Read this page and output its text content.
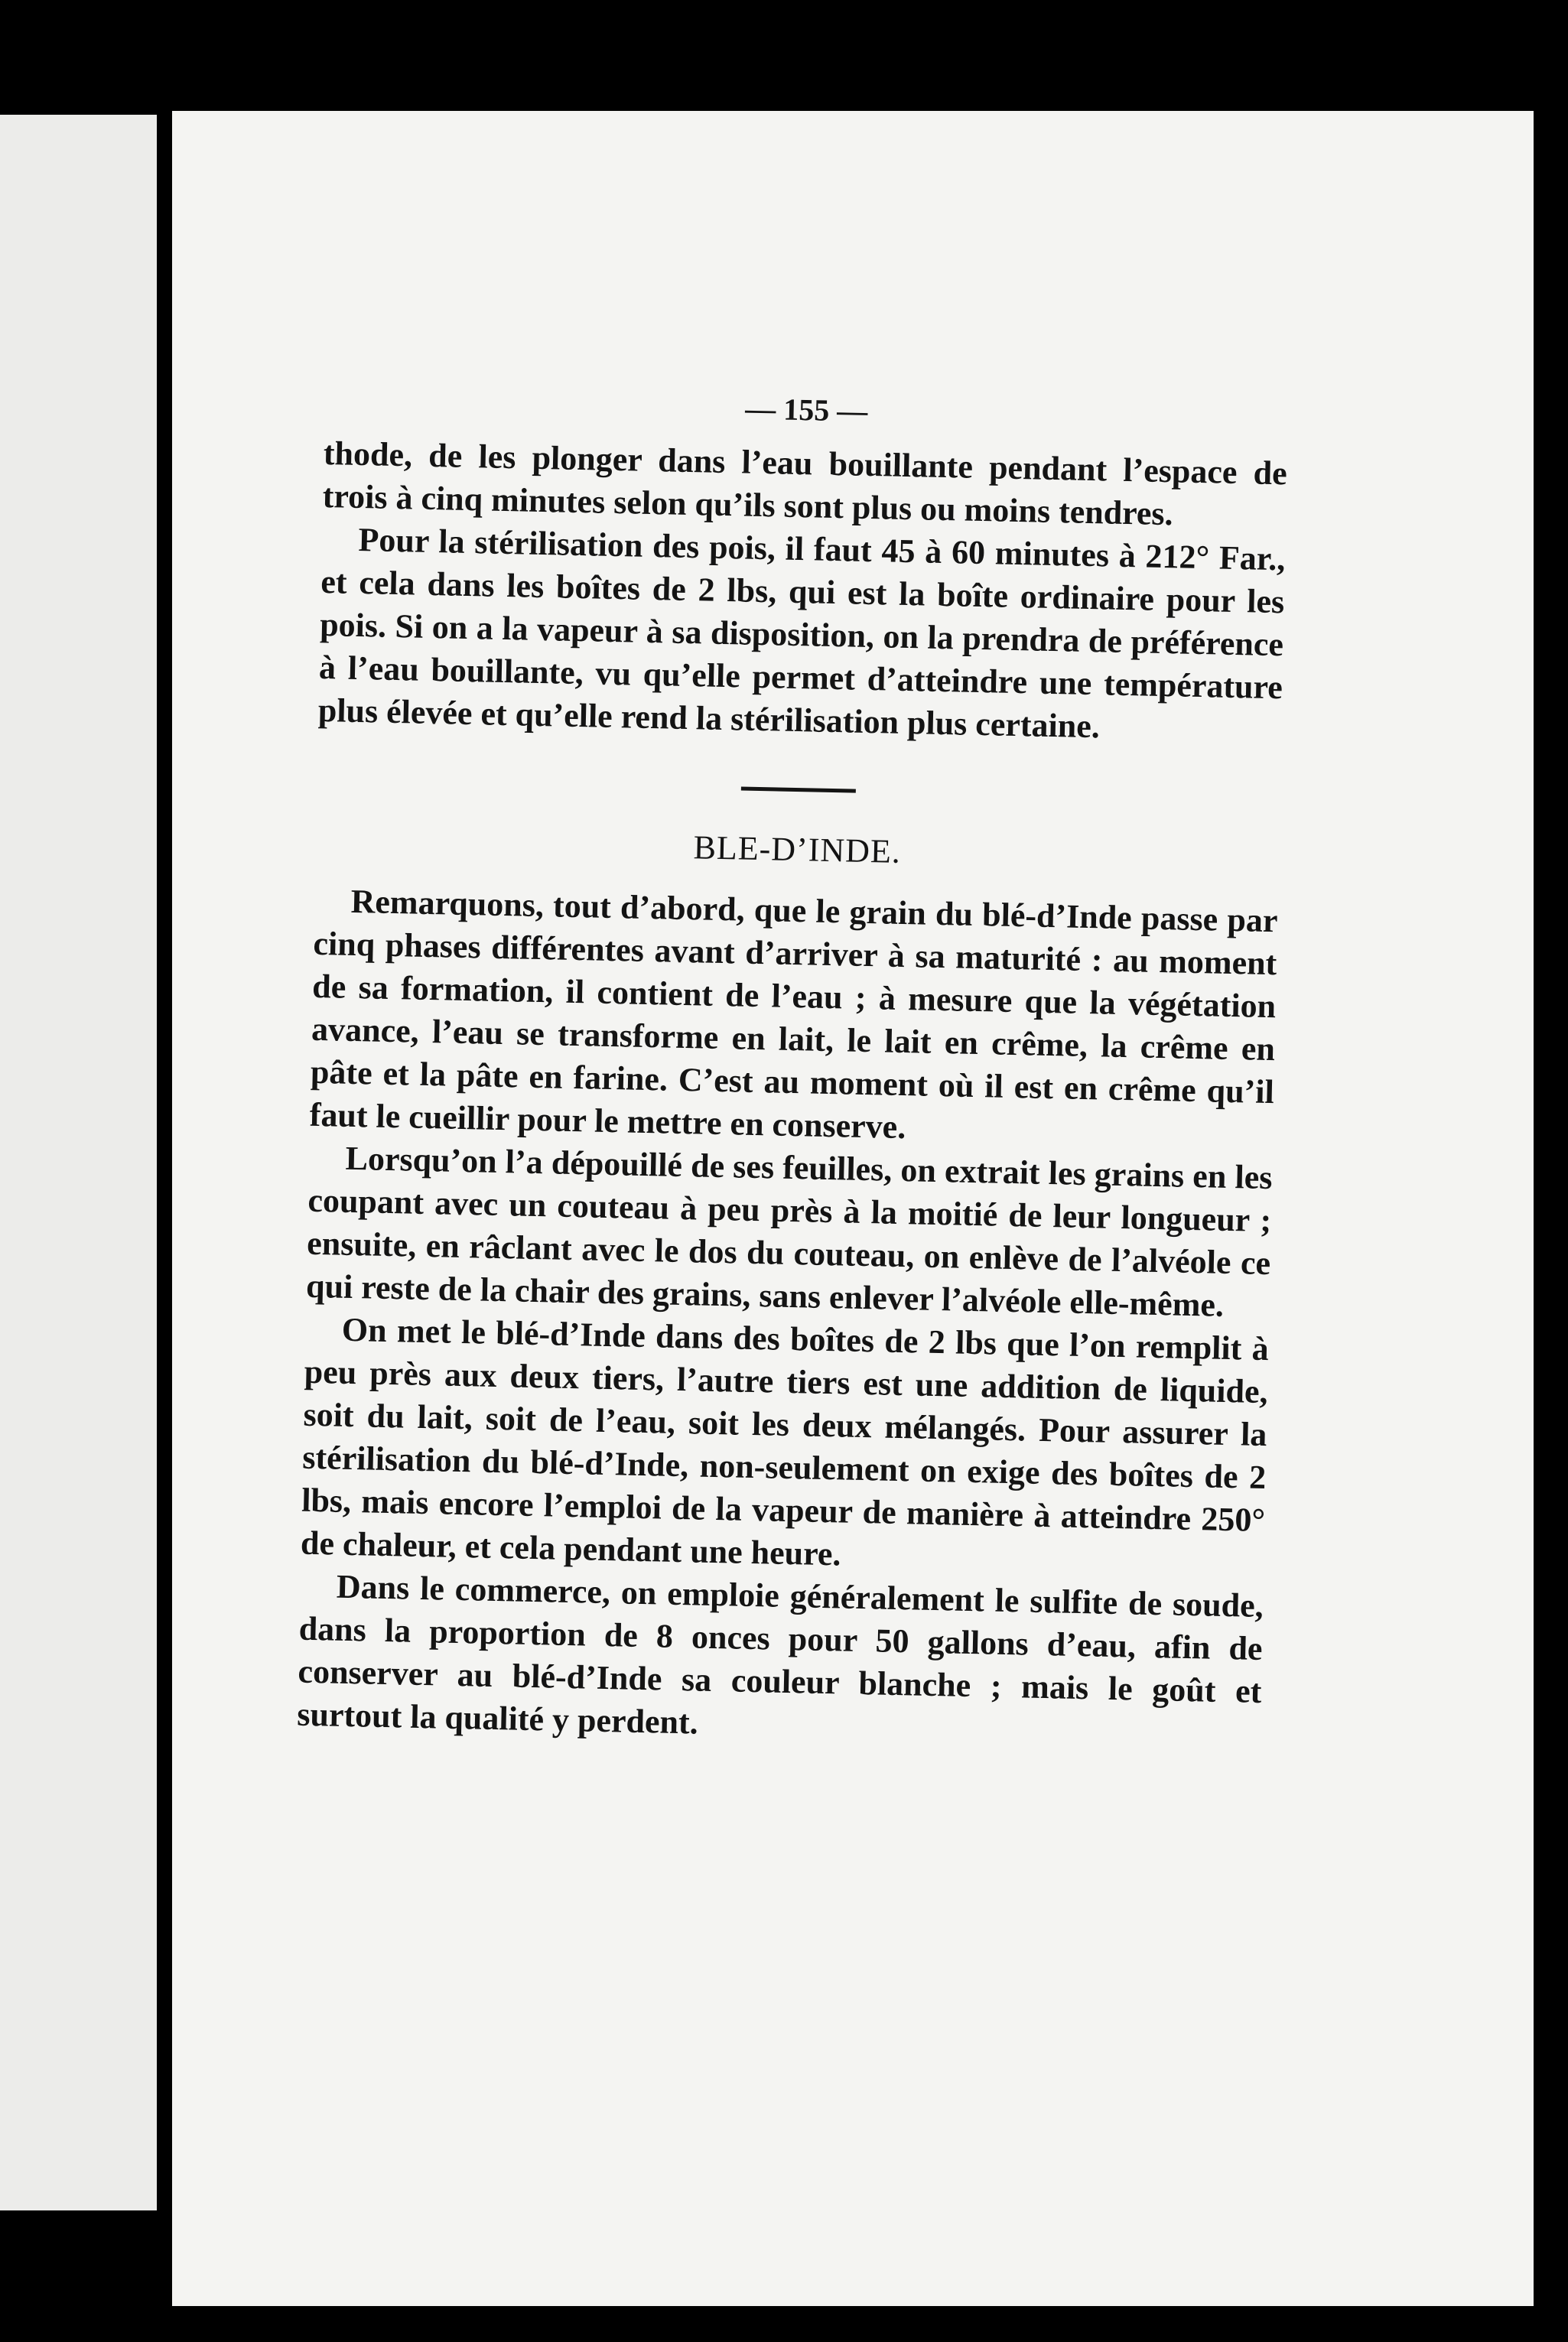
— 155 —

thode, de les plonger dans l’eau bouillante pendant l’espace de trois à cinq minutes selon qu’ils sont plus ou moins tendres.

Pour la stérilisation des pois, il faut 45 à 60 minutes à 212° Far., et cela dans les boîtes de 2 lbs, qui est la boîte ordinaire pour les pois. Si on a la vapeur à sa disposition, on la prendra de préférence à l’eau bouillante, vu qu’elle permet d’atteindre une température plus élevée et qu’elle rend la stérilisation plus certaine.

BLE-D’INDE.

Remarquons, tout d’abord, que le grain du blé-d’Inde passe par cinq phases différentes avant d’arriver à sa maturité : au moment de sa formation, il contient de l’eau ; à mesure que la végétation avance, l’eau se transforme en lait, le lait en crême, la crême en pâte et la pâte en farine. C’est au moment où il est en crême qu’il faut le cueillir pour le mettre en conserve.

Lorsqu’on l’a dépouillé de ses feuilles, on extrait les grains en les coupant avec un couteau à peu près à la moitié de leur longueur ; ensuite, en râclant avec le dos du couteau, on enlève de l’alvéole ce qui reste de la chair des grains, sans enlever l’alvéole elle-même.

On met le blé-d’Inde dans des boîtes de 2 lbs que l’on remplit à peu près aux deux tiers, l’autre tiers est une addition de liquide, soit du lait, soit de l’eau, soit les deux mélangés. Pour assurer la stérilisation du blé-d’Inde, non-seulement on exige des boîtes de 2 lbs, mais encore l’emploi de la vapeur de manière à atteindre 250° de chaleur, et cela pendant une heure.

Dans le commerce, on emploie généralement le sulfite de soude, dans la proportion de 8 onces pour 50 gallons d’eau, afin de conserver au blé-d’Inde sa couleur blanche ; mais le goût et surtout la qualité y perdent.
